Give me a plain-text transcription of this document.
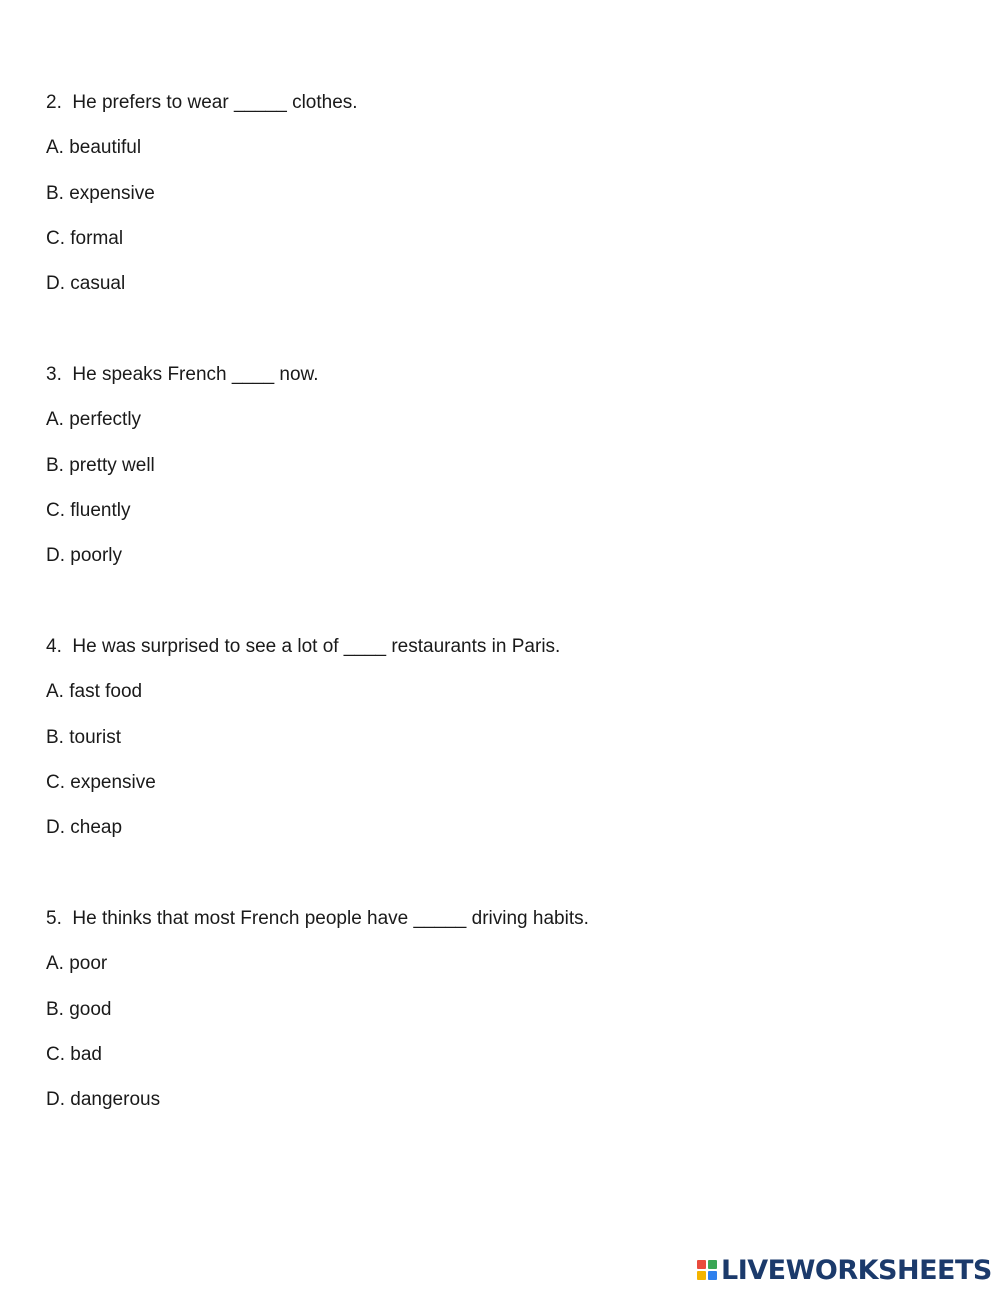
2.  He prefers to wear _____ clothes.
A. beautiful
B. expensive
C. formal
D. casual
3.  He speaks French ____ now.
A. perfectly
B. pretty well
C. fluently
D. poorly
4.  He was surprised to see a lot of ____ restaurants in Paris.
A. fast food
B. tourist
C. expensive
D. cheap
5.  He thinks that most French people have _____ driving habits.
A. poor
B. good
C. bad
D. dangerous
LIVEWORKSHEETS
